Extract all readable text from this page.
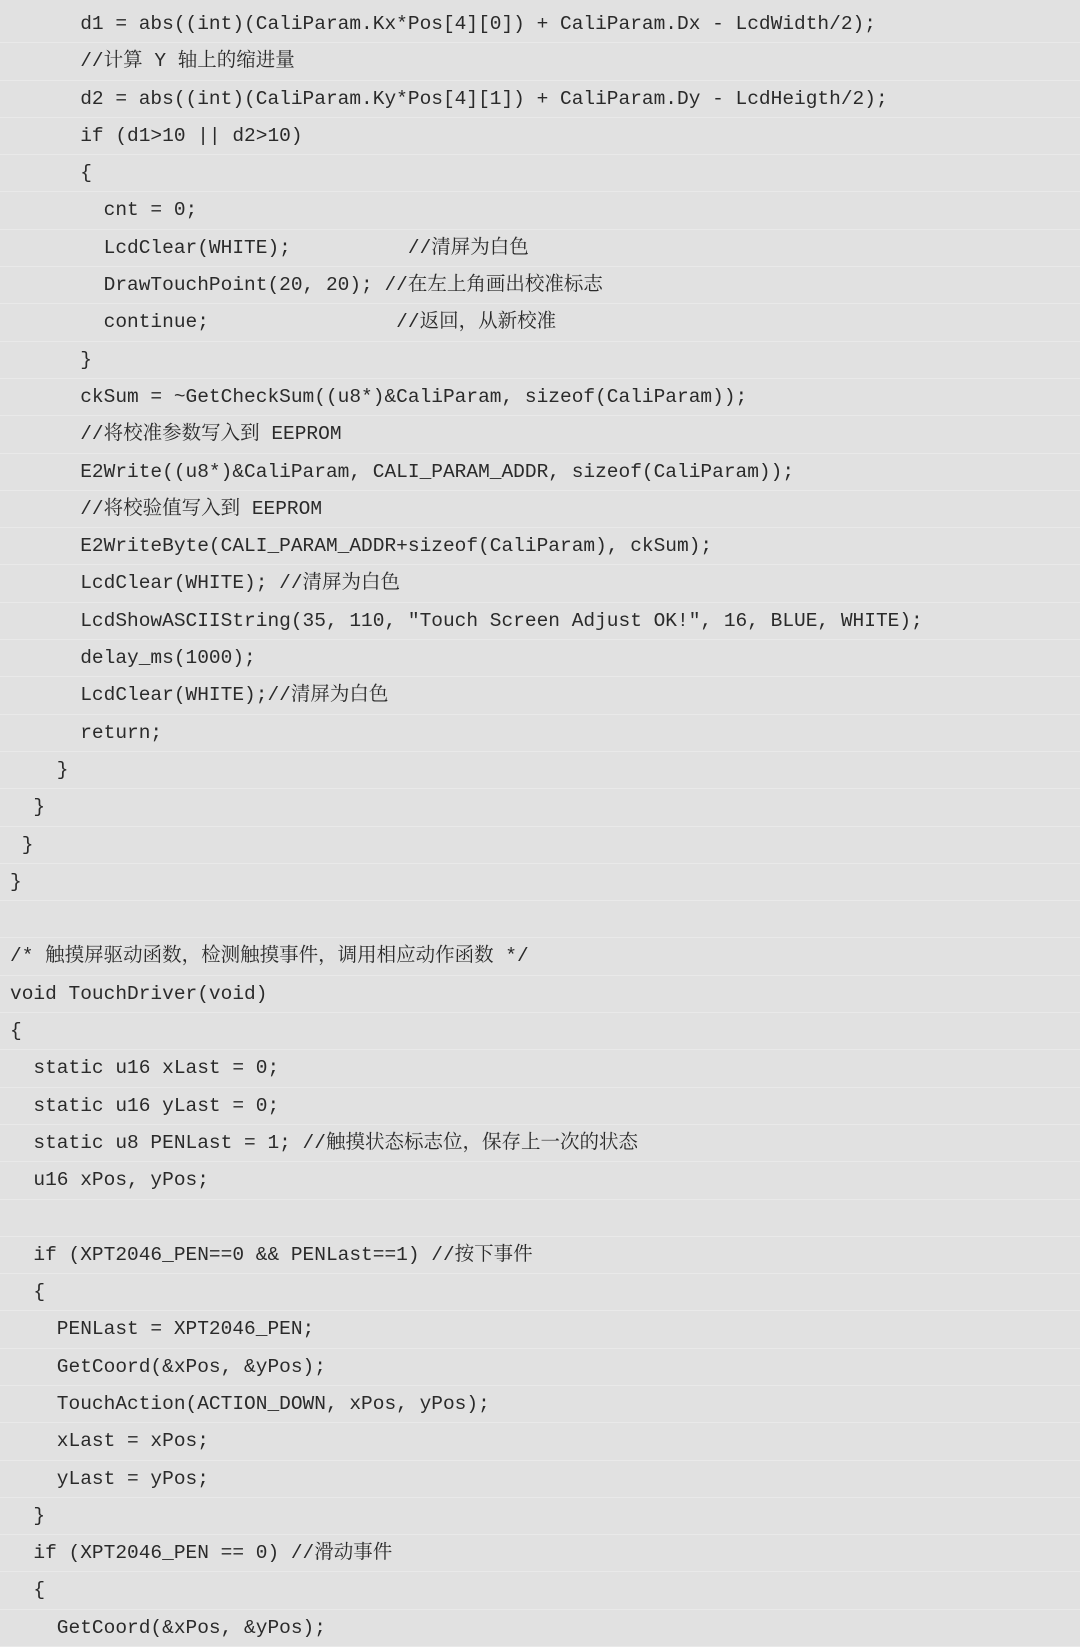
d1 = abs((int)(CaliParam.Kx*Pos[4][0]) + CaliParam.Dx - LcdWidth/2);
//计算 Y 轴上的缩进量
d2 = abs((int)(CaliParam.Ky*Pos[4][1]) + CaliParam.Dy - LcdHeigth/2);
if (d1>10 || d2>10)
{
cnt = 0;
LcdClear(WHITE);          //清屏为白色
DrawTouchPoint(20, 20); //在左上角画出校准标志
continue;                //返回，从新校准
}
ckSum = ~GetCheckSum((u8*)&CaliParam, sizeof(CaliParam));
//将校准参数写入到 EEPROM
E2Write((u8*)&CaliParam, CALI_PARAM_ADDR, sizeof(CaliParam));
//将校验值写入到 EEPROM
E2WriteByte(CALI_PARAM_ADDR+sizeof(CaliParam), ckSum);
LcdClear(WHITE); //清屏为白色
LcdShowASCIIString(35, 110, "Touch Screen Adjust OK!", 16, BLUE, WHITE);
delay_ms(1000);
LcdClear(WHITE);//清屏为白色
return;
}
}
}
}
/* 触摸屏驱动函数，检测触摸事件，调用相应动作函数 */
void TouchDriver(void)
{
static u16 xLast = 0;
static u16 yLast = 0;
static u8 PENLast = 1; //触摸状态标志位，保存上一次的状态
u16 xPos, yPos;
if (XPT2046_PEN==0 && PENLast==1) //按下事件
{
PENLast = XPT2046_PEN;
GetCoord(&xPos, &yPos);
TouchAction(ACTION_DOWN, xPos, yPos);
xLast = xPos;
yLast = yPos;
}
if (XPT2046_PEN == 0) //滑动事件
{
GetCoord(&xPos, &yPos);
